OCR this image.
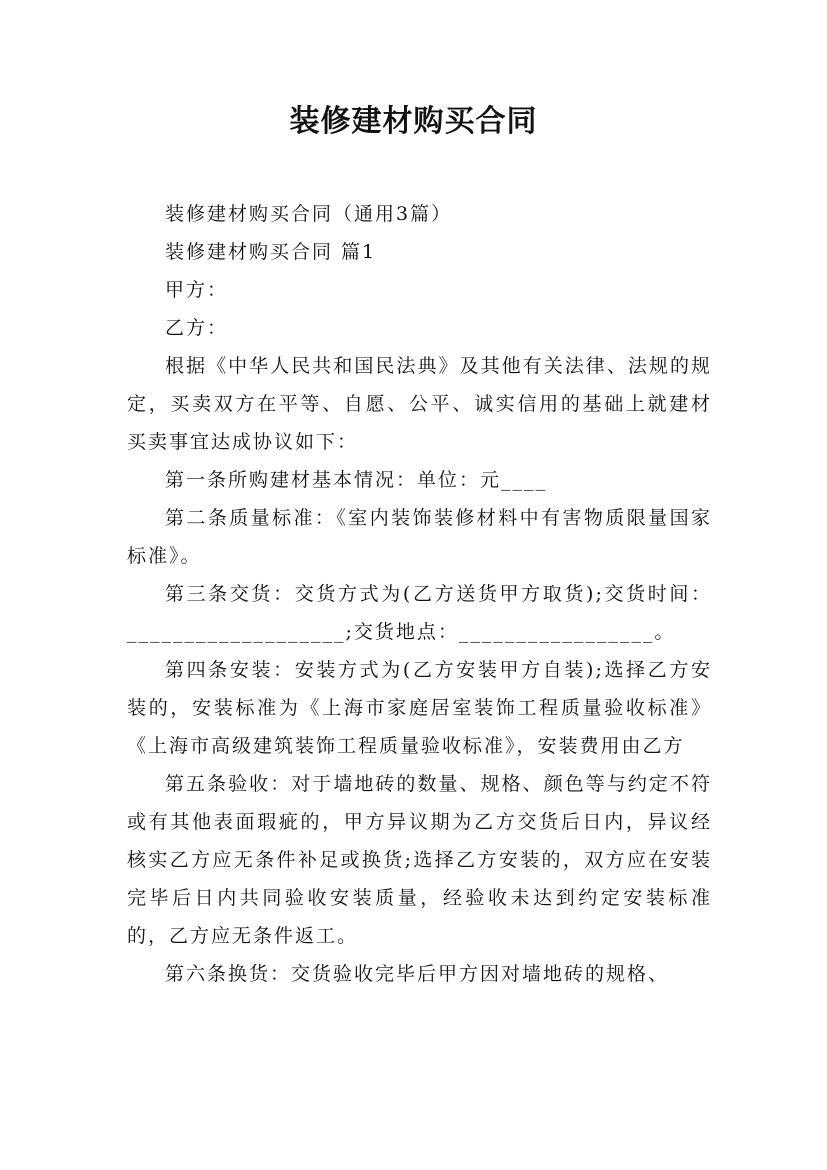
装修建材购买合同

装修建材购买合同（通用3篇）

装修建材购买合同 篇1

甲方：

乙方：

根据《中华人民共和国民法典》及其他有关法律、法规的规定，买卖双方在平等、自愿、公平、诚实信用的基础上就建材买卖事宜达成协议如下：

第一条所购建材基本情况：单位：元____

第二条质量标准：《室内装饰装修材料中有害物质限量国家标准》。

第三条交货：交货方式为(乙方送货甲方取货);交货时间：___________________;交货地点：_________________。

第四条安装：安装方式为(乙方安装甲方自装);选择乙方安装的，安装标准为《上海市家庭居室装饰工程质量验收标准》《上海市高级建筑装饰工程质量验收标准》，安装费用由乙方

第五条验收：对于墙地砖的数量、规格、颜色等与约定不符或有其他表面瑕疵的，甲方异议期为乙方交货后日内，异议经核实乙方应无条件补足或换货;选择乙方安装的，双方应在安装完毕后日内共同验收安装质量，经验收未达到约定安装标准的，乙方应无条件返工。

第六条换货：交货验收完毕后甲方因对墙地砖的规格、
